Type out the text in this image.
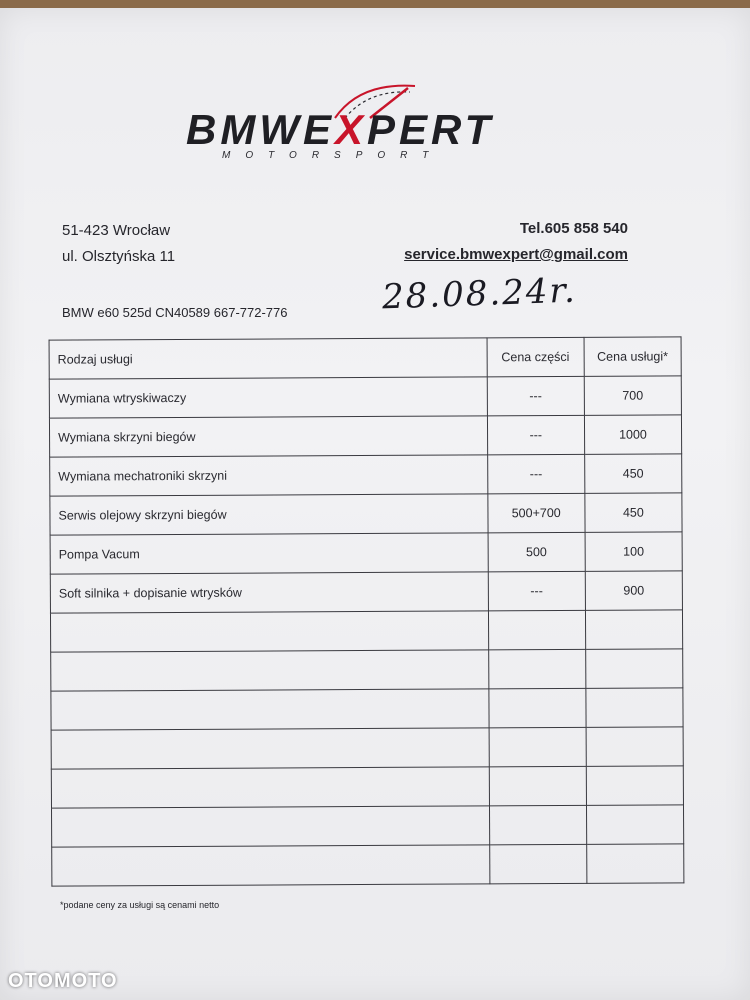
BMWEXPERT
MOTORSPORT
51-423 Wrocław
ul. Olsztyńska 11
Tel.605 858 540
service.bmwexpert@gmail.com
28.08.24r.
BMW e60 525d CN40589 667-772-776
Rodzaj usługi	Cena części	Cena usługi*
Wymiana wtryskiwaczy	---	700
Wymiana skrzyni biegów	---	1000
Wymiana mechatroniki skrzyni	---	450
Serwis olejowy skrzyni biegów	500+700	450
Pompa Vacum	500	100
Soft silnika + dopisanie wtrysków	---	900

*podane ceny za usługi są cenami netto
OTOMOTO
